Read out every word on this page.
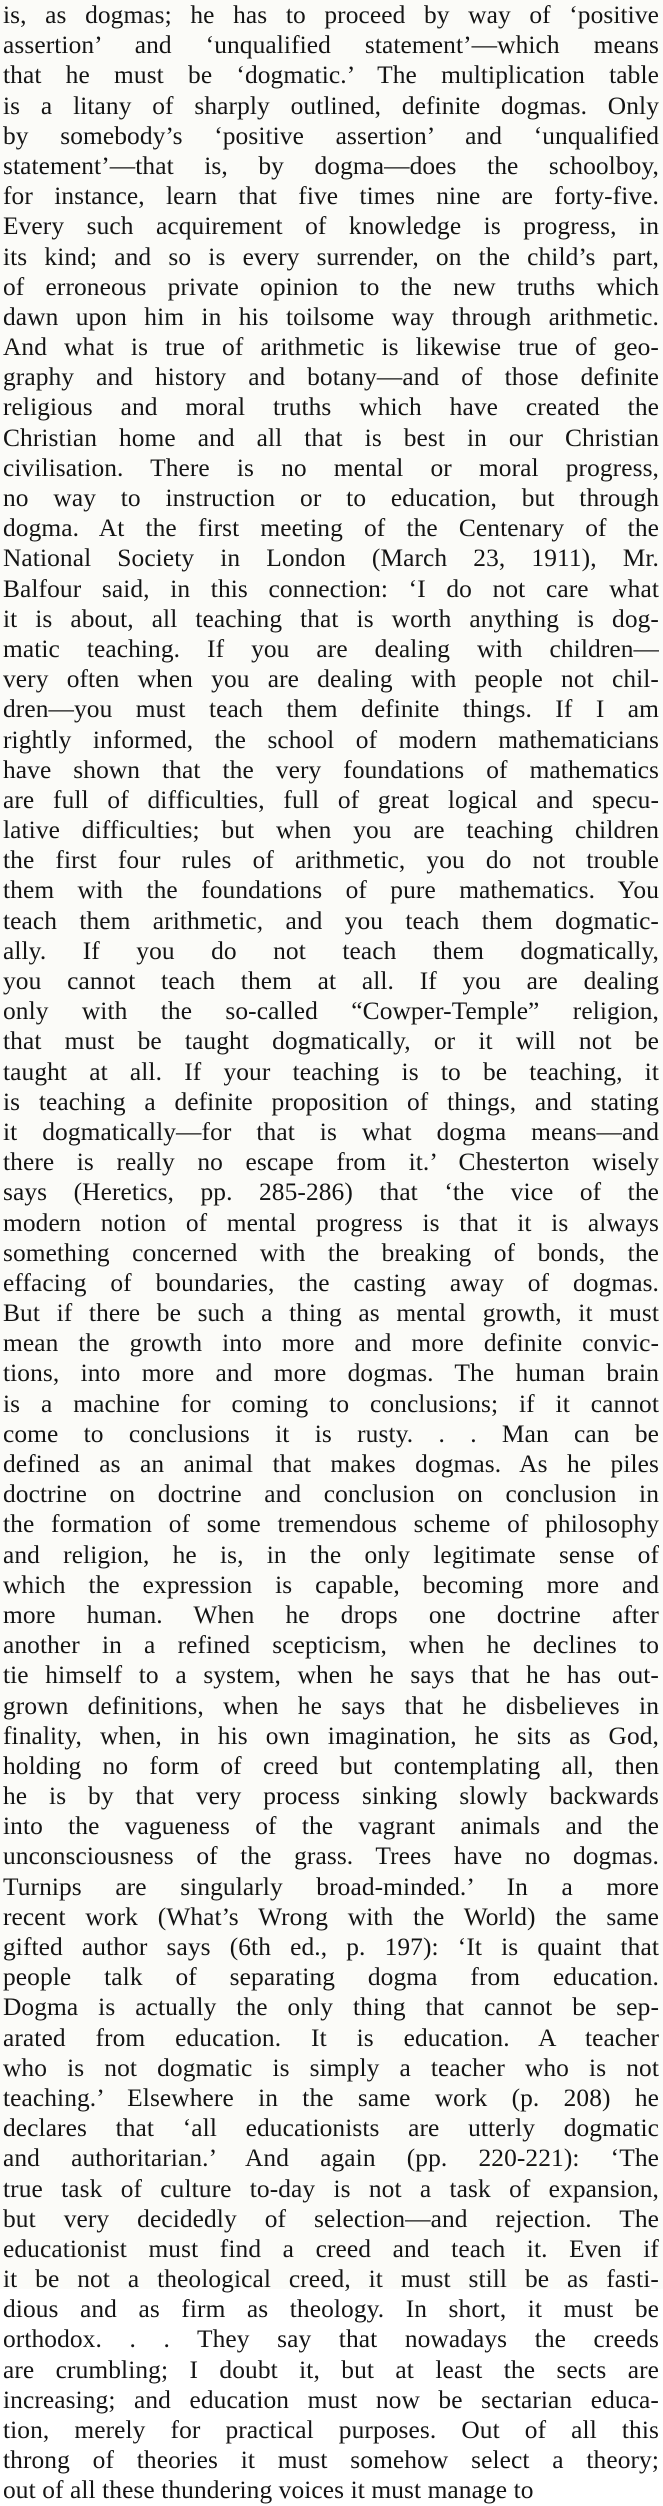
is, as dogmas; he has to proceed by way of ‘positive
assertion’ and ‘unqualified statement’—which means
that he must be ‘dogmatic.’ The multiplication table
is a litany of sharply outlined, definite dogmas. Only
by somebody’s ‘positive assertion’ and ‘unqualified
statement’—that is, by dogma—does the schoolboy,
for instance, learn that five times nine are forty-five.
Every such acquirement of knowledge is progress, in
its kind; and so is every surrender, on the child’s part,
of erroneous private opinion to the new truths which
dawn upon him in his toilsome way through arithmetic.
And what is true of arithmetic is likewise true of geo-
graphy and history and botany—and of those definite
religious and moral truths which have created the
Christian home and all that is best in our Christian
civilisation. There is no mental or moral progress,
no way to instruction or to education, but through
dogma. At the first meeting of the Centenary of the
National Society in London (March 23, 1911), Mr.
Balfour said, in this connection: ‘I do not care what
it is about, all teaching that is worth anything is dog-
matic teaching. If you are dealing with children—
very often when you are dealing with people not chil-
dren—you must teach them definite things. If I am
rightly informed, the school of modern mathematicians
have shown that the very foundations of mathematics
are full of difficulties, full of great logical and specu-
lative difficulties; but when you are teaching children
the first four rules of arithmetic, you do not trouble
them with the foundations of pure mathematics. You
teach them arithmetic, and you teach them dogmatic-
ally. If you do not teach them dogmatically,
you cannot teach them at all. If you are dealing
only with the so-called “Cowper-Temple” religion,
that must be taught dogmatically, or it will not be
taught at all. If your teaching is to be teaching, it
is teaching a definite proposition of things, and stating
it dogmatically—for that is what dogma means—and
there is really no escape from it.’ Chesterton wisely
says (Heretics, pp. 285-286) that ‘the vice of the
modern notion of mental progress is that it is always
something concerned with the breaking of bonds, the
effacing of boundaries, the casting away of dogmas.
But if there be such a thing as mental growth, it must
mean the growth into more and more definite convic-
tions, into more and more dogmas. The human brain
is a machine for coming to conclusions; if it cannot
come to conclusions it is rusty. . . Man can be
defined as an animal that makes dogmas. As he piles
doctrine on doctrine and conclusion on conclusion in
the formation of some tremendous scheme of philosophy
and religion, he is, in the only legitimate sense of
which the expression is capable, becoming more and
more human. When he drops one doctrine after
another in a refined scepticism, when he declines to
tie himself to a system, when he says that he has out-
grown definitions, when he says that he disbelieves in
finality, when, in his own imagination, he sits as God,
holding no form of creed but contemplating all, then
he is by that very process sinking slowly backwards
into the vagueness of the vagrant animals and the
unconsciousness of the grass. Trees have no dogmas.
Turnips are singularly broad-minded.’ In a more
recent work (What’s Wrong with the World) the same
gifted author says (6th ed., p. 197): ‘It is quaint that
people talk of separating dogma from education.
Dogma is actually the only thing that cannot be sep-
arated from education. It is education. A teacher
who is not dogmatic is simply a teacher who is not
teaching.’ Elsewhere in the same work (p. 208) he
declares that ‘all educationists are utterly dogmatic
and authoritarian.’ And again (pp. 220-221): ‘The
true task of culture to-day is not a task of expansion,
but very decidedly of selection—and rejection. The
educationist must find a creed and teach it. Even if
it be not a theological creed, it must still be as fasti-
dious and as firm as theology. In short, it must be
orthodox. . . They say that nowadays the creeds
are crumbling; I doubt it, but at least the sects are
increasing; and education must now be sectarian educa-
tion, merely for practical purposes. Out of all this
throng of theories it must somehow select a theory;
out of all these thundering voices it must manage to
